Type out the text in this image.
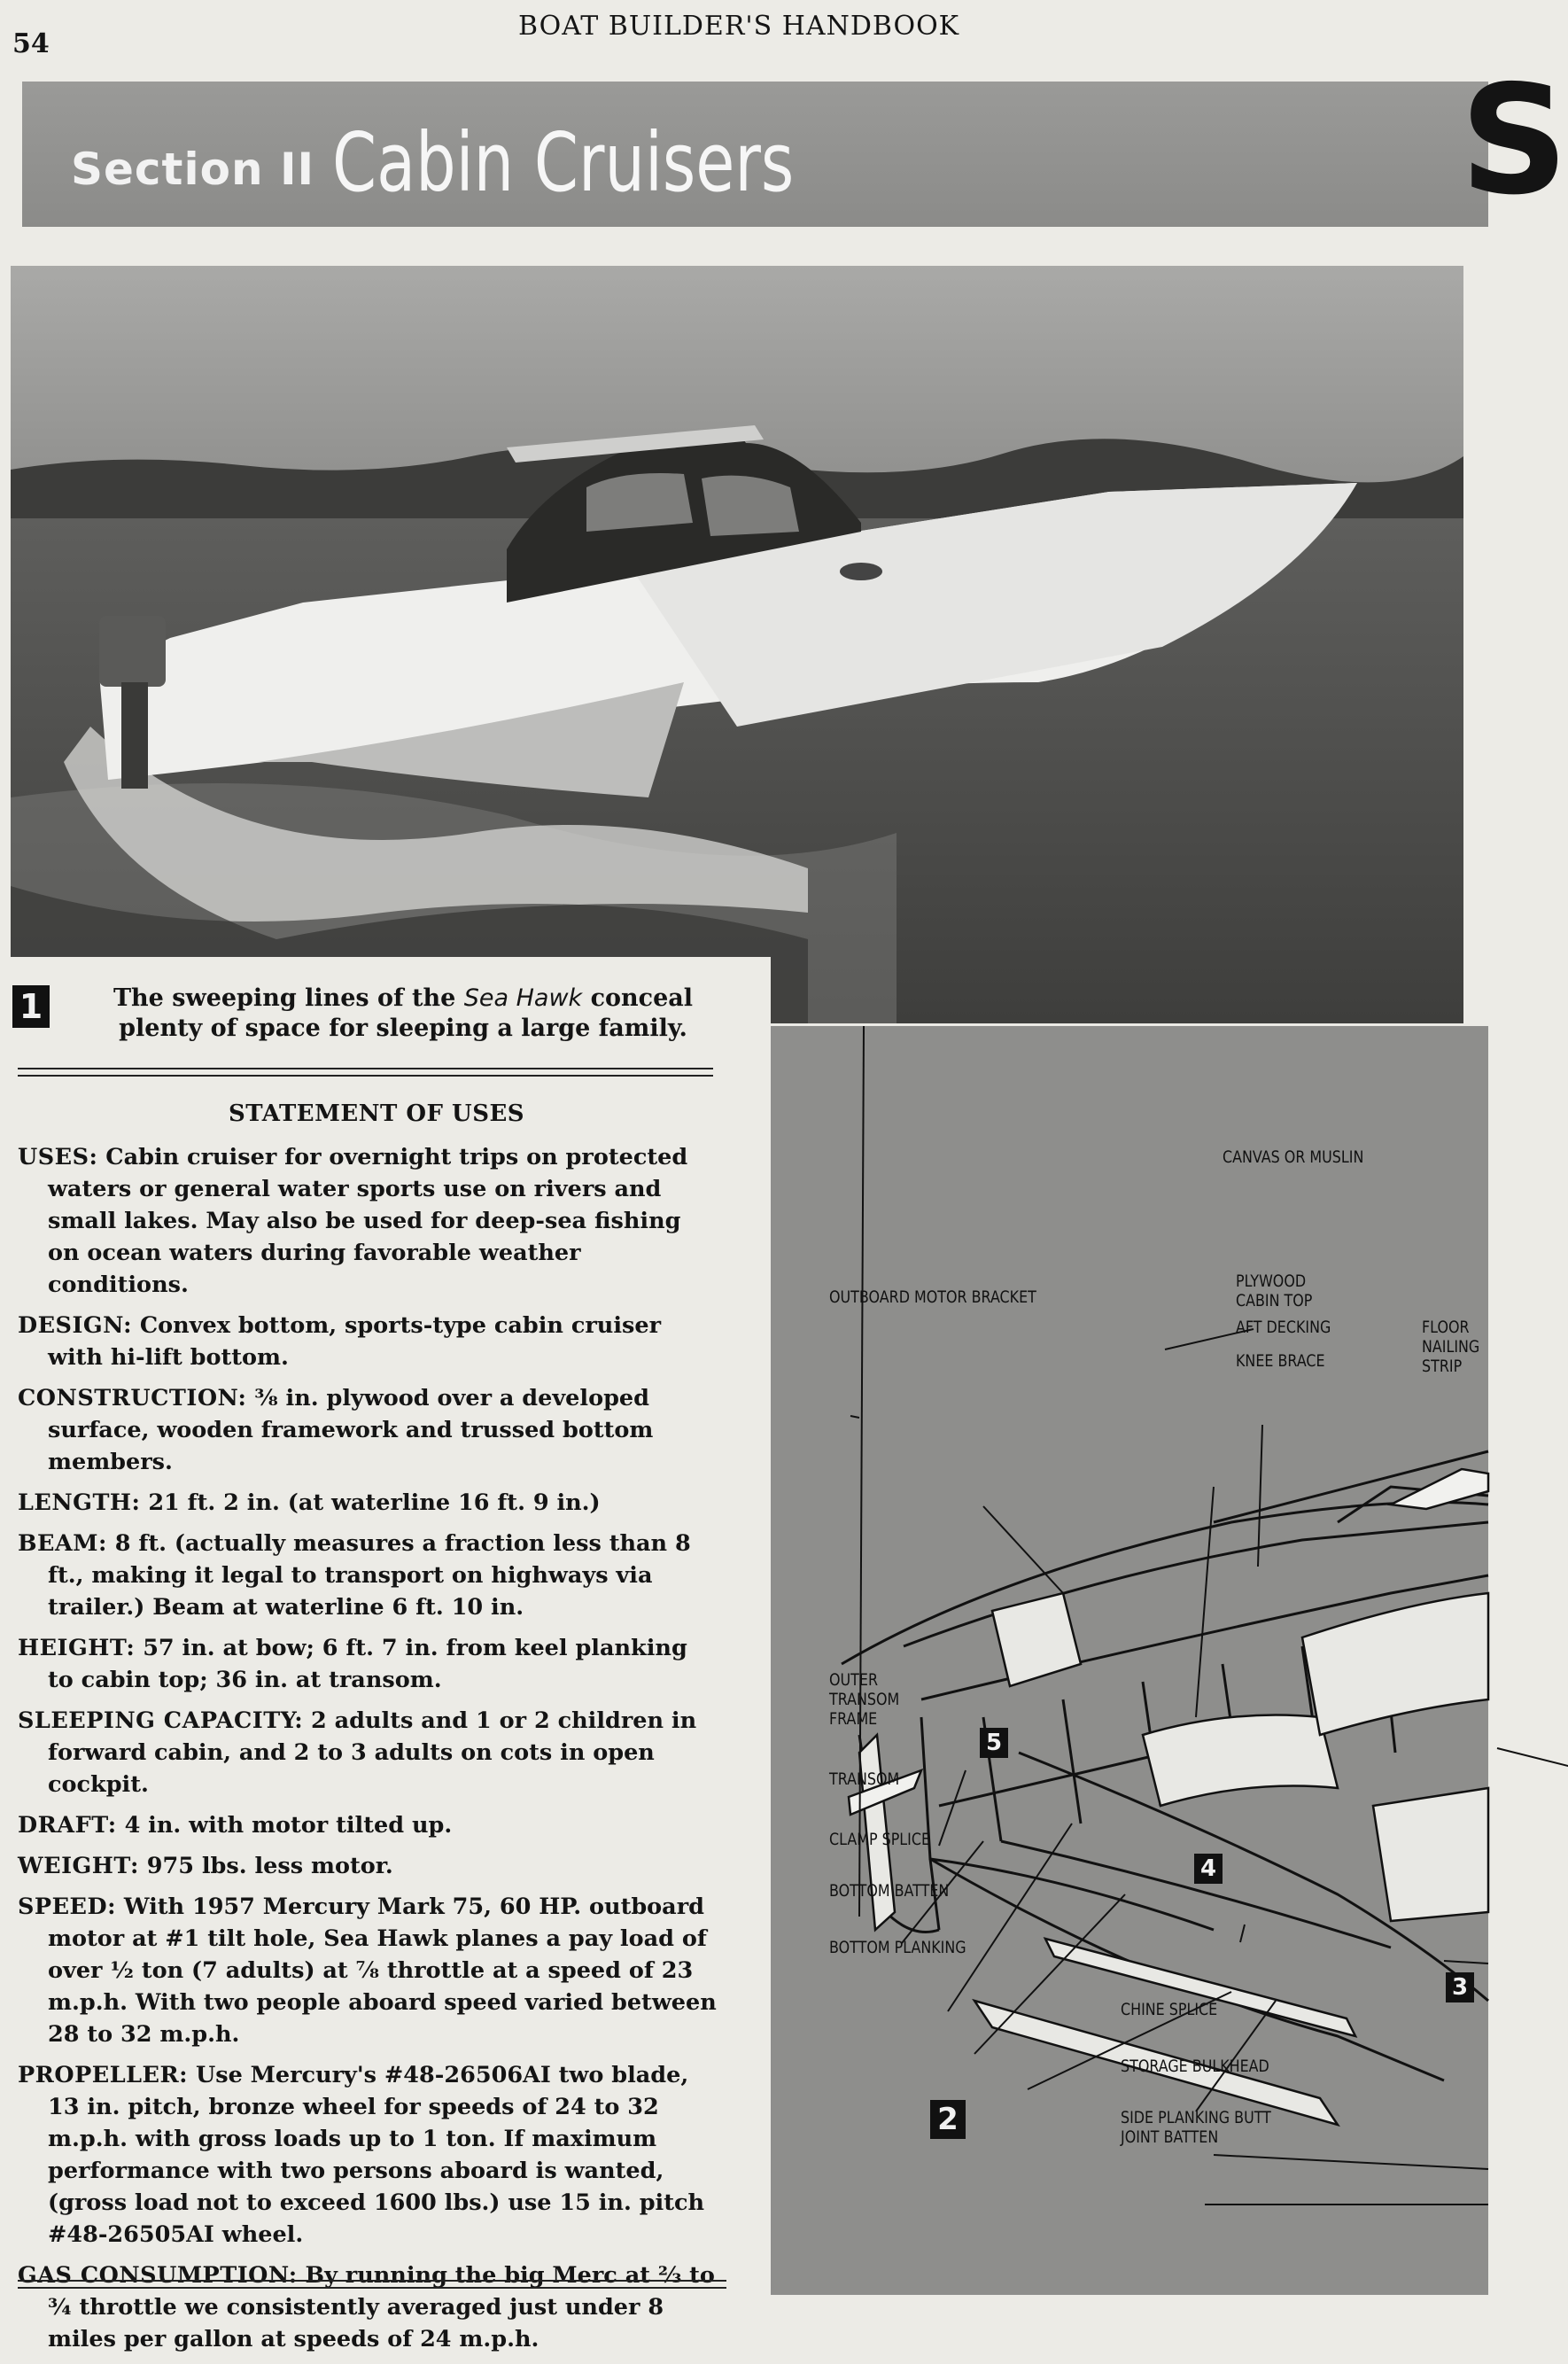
54
BOAT BUILDER'S HANDBOOK
Section II Cabin Cruisers	S
1	The sweeping lines of the Sea Hawk conceal plenty of space for sleeping a large family.
STATEMENT OF USES
USES: Cabin cruiser for overnight trips on protected waters or general water sports use on rivers and small lakes. May also be used for deep-sea fishing on ocean waters during favorable weather conditions.
DESIGN: Convex bottom, sports-type cabin cruiser with hi-lift bottom.
CONSTRUCTION: ⅜ in. plywood over a developed surface, wooden framework and trussed bottom members.
LENGTH: 21 ft. 2 in. (at waterline 16 ft. 9 in.)
BEAM: 8 ft. (actually measures a fraction less than 8 ft., making it legal to transport on highways via trailer.) Beam at waterline 6 ft. 10 in.
HEIGHT: 57 in. at bow; 6 ft. 7 in. from keel planking to cabin top; 36 in. at transom.
SLEEPING CAPACITY: 2 adults and 1 or 2 children in forward cabin, and 2 to 3 adults on cots in open cockpit.
DRAFT: 4 in. with motor tilted up.
WEIGHT: 975 lbs. less motor.
SPEED: With 1957 Mercury Mark 75, 60 HP. outboard motor at #1 tilt hole, Sea Hawk planes a pay load of over ½ ton (7 adults) at ⅞ throttle at a speed of 23 m.p.h. With two people aboard speed varied between 28 to 32 m.p.h.
PROPELLER: Use Mercury's #48-26506AI two blade, 13 in. pitch, bronze wheel for speeds of 24 to 32 m.p.h. with gross loads up to 1 ton. If maximum performance with two persons aboard is wanted, (gross load not to exceed 1600 lbs.) use 15 in. pitch #48-26505AI wheel.
GAS CONSUMPTION: By running the big Merc at ⅔ to ¾ throttle we consistently averaged just under 8 miles per gallon at speeds of 24 m.p.h.
CANVAS OR MUSLIN
PLYWOOD CABIN TOP
AFT DECKING	FLOOR NAILING STRIP
KNEE BRACE
OUTBOARD MOTOR BRACKET
OUTER TRANSOM FRAME
TRANSOM
CLAMP SPLICE
BOTTOM BATTEN
BOTTOM PLANKING
CHINE SPLICE
STORAGE BULKHEAD
SIDE PLANKING BUTT JOINT BATTEN
2
3
4
5
